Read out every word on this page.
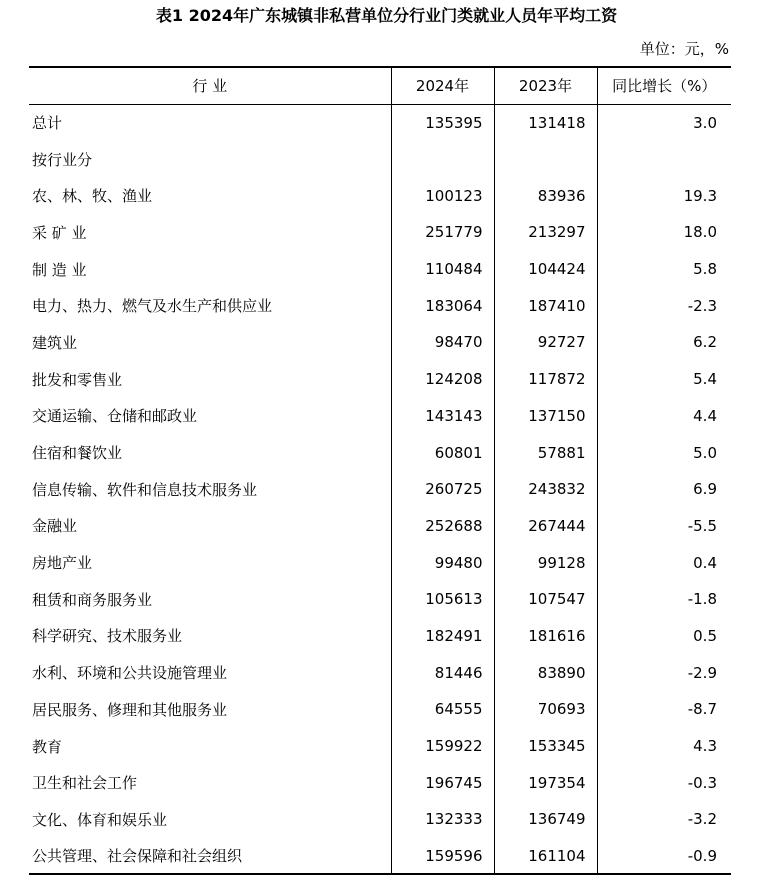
表1 2024年广东城镇非私营单位分行业门类就业人员年平均工资
单位：元，%
行 业	2024年	2023年	同比增长（%）
总计	135395	131418	3.0
按行业分			
农、林、牧、渔业	100123	83936	19.3
采 矿 业	251779	213297	18.0
制 造 业	110484	104424	5.8
电力、热力、燃气及水生产和供应业	183064	187410	-2.3
建筑业	98470	92727	6.2
批发和零售业	124208	117872	5.4
交通运输、仓储和邮政业	143143	137150	4.4
住宿和餐饮业	60801	57881	5.0
信息传输、软件和信息技术服务业	260725	243832	6.9
金融业	252688	267444	-5.5
房地产业	99480	99128	0.4
租赁和商务服务业	105613	107547	-1.8
科学研究、技术服务业	182491	181616	0.5
水利、环境和公共设施管理业	81446	83890	-2.9
居民服务、修理和其他服务业	64555	70693	-8.7
教育	159922	153345	4.3
卫生和社会工作	196745	197354	-0.3
文化、体育和娱乐业	132333	136749	-3.2
公共管理、社会保障和社会组织	159596	161104	-0.9
